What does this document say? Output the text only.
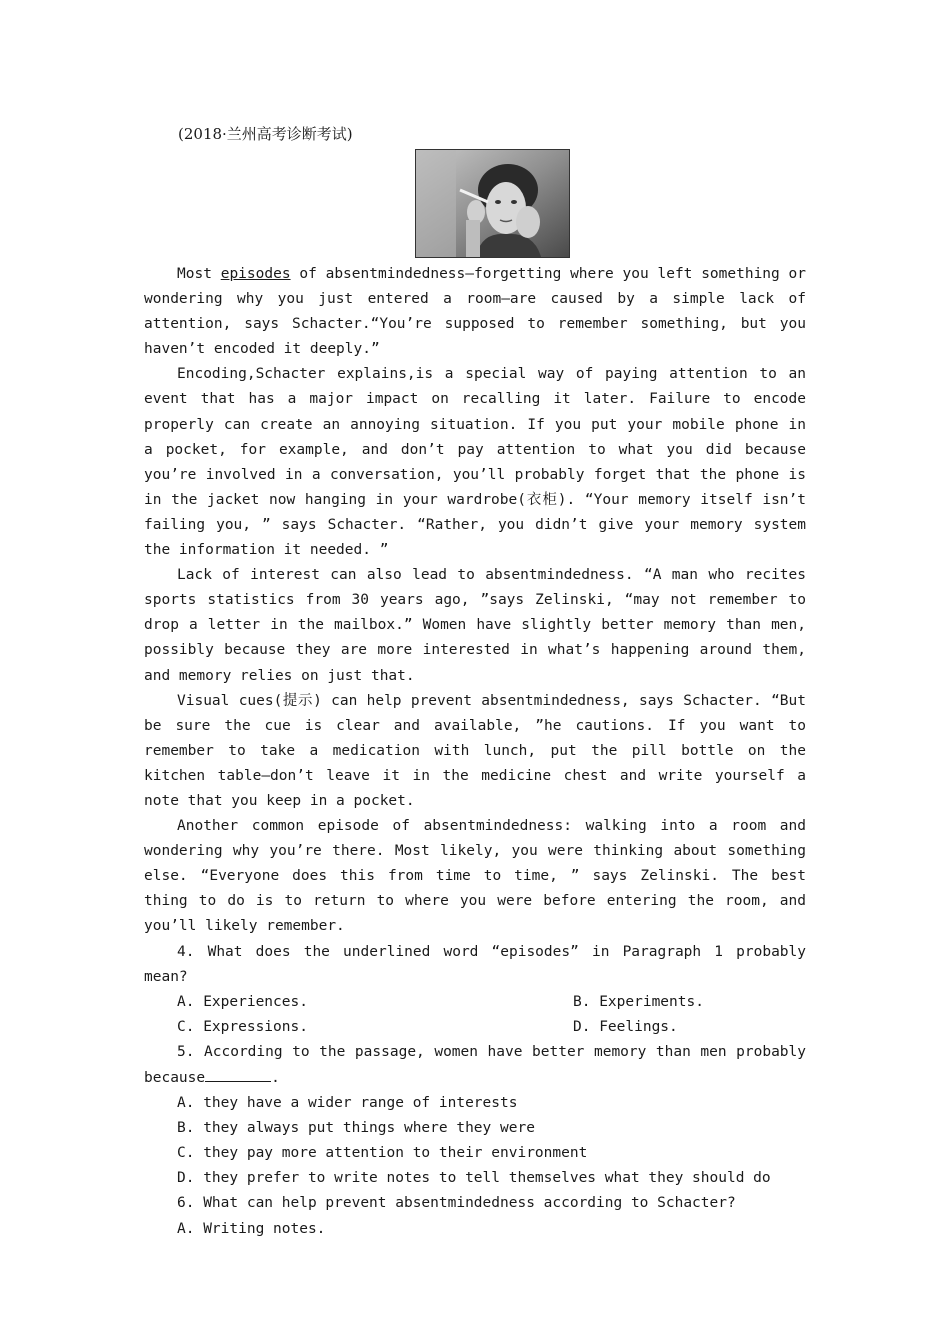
(2018·兰州高考诊断考试)

Most episodes of absentmindedness—forgetting where you left something or wondering why you just entered a room—are caused by a simple lack of attention, says Schacter.“You’re supposed to remember something, but you haven’t encoded it deeply.”

Encoding,Schacter explains,is a special way of paying attention to an event that has a major impact on recalling it later. Failure to encode properly can create an annoying situation. If you put your mobile phone in a pocket, for example, and don’t pay attention to what you did because you’re involved in a conversation, you’ll probably forget that the phone is in the jacket now hanging in your wardrobe(衣柜). “Your memory itself isn’t failing you, ” says Schacter. “Rather, you didn’t give your memory system the information it needed. ”

Lack of interest can also lead to absentmindedness. “A man who recites sports statistics from 30 years ago, ”says Zelinski, “may not remember to drop a letter in the mailbox.” Women have slightly better memory than men, possibly because they are more interested in what’s happening around them, and memory relies on just that.

Visual cues(提示) can help prevent absentmindedness, says Schacter. “But be sure the cue is clear and available, ”he cautions. If you want to remember to take a medication with lunch, put the pill bottle on the kitchen table—don’t leave it in the medicine chest and write yourself a note that you keep in a pocket.

Another common episode of absentmindedness: walking into a room and wondering why you’re there. Most likely, you were thinking about something else. “Everyone does this from time to time, ” says Zelinski. The best thing to do is to return to where you were before entering the room, and you’ll likely remember.

4. What does the underlined word “episodes” in Paragraph 1 probably mean?

A. Experiences.	B. Experiments.
C. Expressions.	D. Feelings.

5. According to the passage, women have better memory than men probably because	.

A. they have a wider range of interests

B. they always put things where they were

C. they pay more attention to their environment

D. they prefer to write notes to tell themselves what they should do

6. What can help prevent absentmindedness according to Schacter?

A. Writing notes.
